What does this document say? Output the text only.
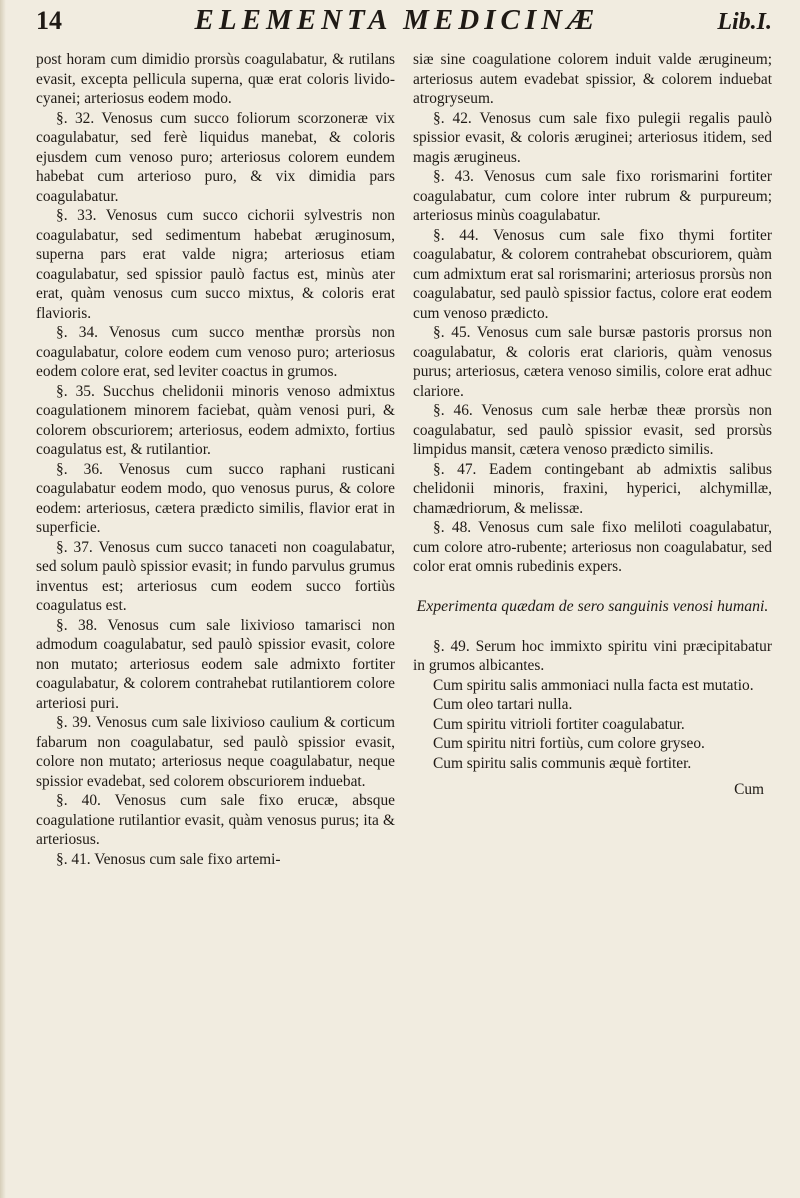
14	ELEMENTA MEDICINÆ	Lib.I.

post horam cum dimidio prorsùs coagulabatur, & rutilans evasit, excepta pellicula superna, quæ erat coloris livido-cyanei; arteriosus eodem modo.

§. 32. Venosus cum succo foliorum scorzoneræ vix coagulabatur, sed ferè liquidus manebat, & coloris ejusdem cum venoso puro; arteriosus colorem eundem habebat cum arterioso puro, & vix dimidia pars coagulabatur.

§. 33. Venosus cum succo cichorii sylvestris non coagulabatur, sed sedimentum habebat æruginosum, superna pars erat valde nigra; arteriosus etiam coagulabatur, sed spissior paulò factus est, minùs ater erat, quàm venosus cum succo mixtus, & coloris erat flavioris.

§. 34. Venosus cum succo menthæ prorsùs non coagulabatur, colore eodem cum venoso puro; arteriosus eodem colore erat, sed leviter coactus in grumos.

§. 35. Succhus chelidonii minoris venoso admixtus coagulationem minorem faciebat, quàm venosi puri, & colorem obscuriorem; arteriosus, eodem admixto, fortius coagulatus est, & rutilantior.

§. 36. Venosus cum succo raphani rusticani coagulabatur eodem modo, quo venosus purus, & colore eodem: arteriosus, cætera prædicto similis, flavior erat in superficie.

§. 37. Venosus cum succo tanaceti non coagulabatur, sed solum paulò spissior evasit; in fundo parvulus grumus inventus est; arteriosus cum eodem succo fortiùs coagulatus est.

§. 38. Venosus cum sale lixivioso tamarisci non admodum coagulabatur, sed paulò spissior evasit, colore non mutato; arteriosus eodem sale admixto fortiter coagulabatur, & colorem contrahebat rutilantiorem colore arteriosi puri.

§. 39. Venosus cum sale lixivioso caulium & corticum fabarum non coagulabatur, sed paulò spissior evasit, colore non mutato; arteriosus neque coagulabatur, neque spissior evadebat, sed colorem obscuriorem induebat.

§. 40. Venosus cum sale fixo erucæ, absque coagulatione rutilantior evasit, quàm venosus purus; ita & arteriosus.

§. 41. Venosus cum sale fixo artemi-

siæ sine coagulatione colorem induit valde ærugineum; arteriosus autem evadebat spissior, & colorem induebat atrogryseum.

§. 42. Venosus cum sale fixo pulegii regalis paulò spissior evasit, & coloris æruginei; arteriosus itidem, sed magis æruginеus.

§. 43. Venosus cum sale fixo rorismarini fortiter coagulabatur, cum colore inter rubrum & purpureum; arteriosus minùs coagulabatur.

§. 44. Venosus cum sale fixo thymi fortiter coagulabatur, & colorem contrahebat obscuriorem, quàm cum admixtum erat sal rorismarini; arteriosus prorsùs non coagulabatur, sed paulò spissior factus, colore erat eodem cum venoso prædicto.

§. 45. Venosus cum sale bursæ pastoris prorsus non coagulabatur, & coloris erat clarioris, quàm venosus purus; arteriosus, cætera venoso similis, colore erat adhuc clariore.

§. 46. Venosus cum sale herbæ theæ prorsùs non coagulabatur, sed paulò spissior evasit, sed prorsùs limpidus mansit, cætera venoso prædicto similis.

§. 47. Eadem contingebant ab admixtis salibus chelidonii minoris, fraxini, hyperici, alchymillæ, chamædriorum, & melissæ.

§. 48. Venosus cum sale fixo meliloti coagulabatur, cum colore atro-rubente; arteriosus non coagulabatur, sed color erat omnis rubedinis expers.

Experimenta quædam de sero sanguinis venosi humani.

§. 49. Serum hoc immixto spiritu vini præcipitabatur in grumos albicantes.

Cum spiritu salis ammoniaci nulla facta est mutatio.

Cum oleo tartari nulla.

Cum spiritu vitrioli fortiter coagulabatur.

Cum spiritu nitri fortiùs, cum colore gryseo.

Cum spiritu salis communis æquè fortiter.

Cum
